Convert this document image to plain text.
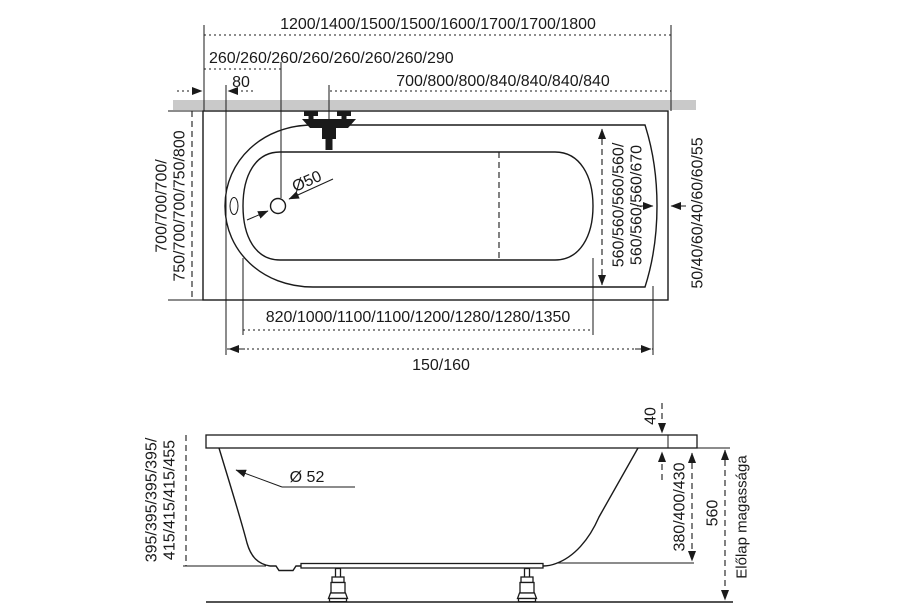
Ø50
1200/1400/1500/1500/1600/1700/1700/1800
260/260/260/260/260/260/260/290
80	700/800/800/840/840/840/840
700/700/700/ 750/700/700/750/800	560/560/560/560/ 560/560/560/670	50/40/60/40/60/60/55
820/1000/1100/1100/1200/1280/1280/1350
150/160
395/395/395/395/ 415/415/415/455	Ø 52
40
380/400/430 560 Előlap magassága
